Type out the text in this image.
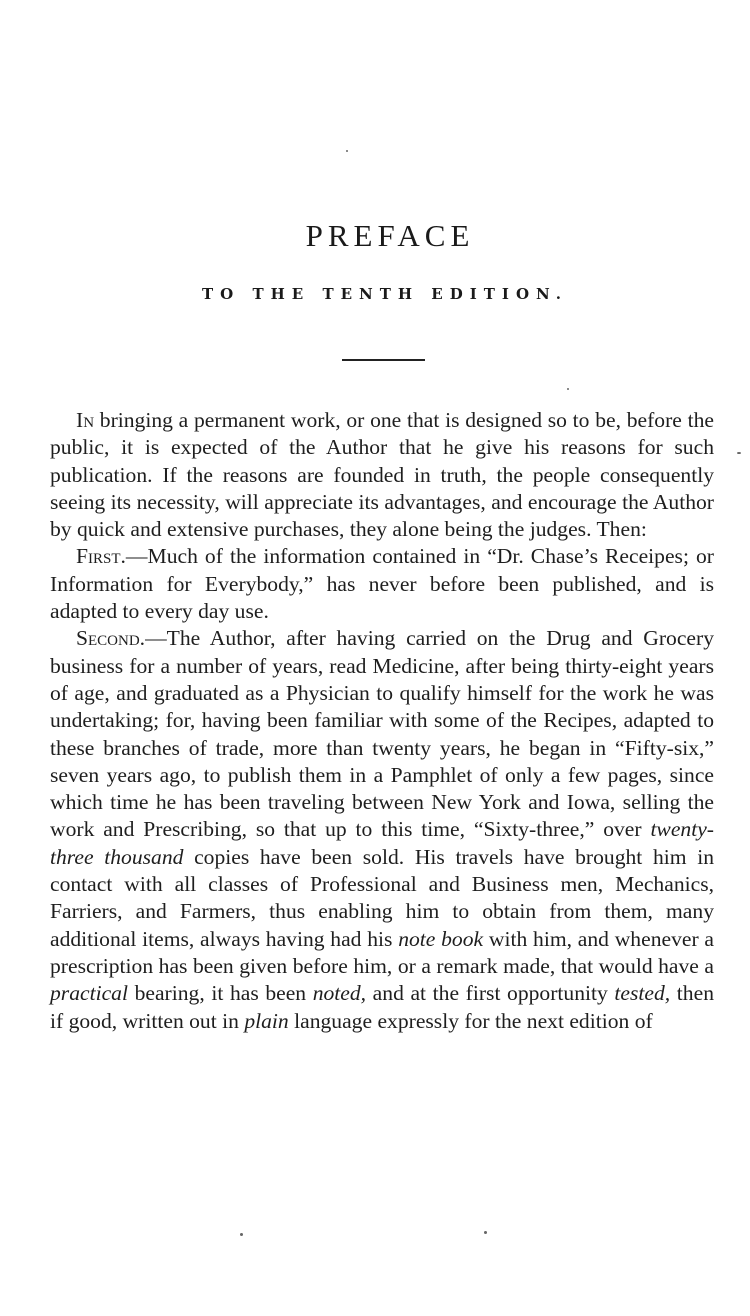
PREFACE
TO THE TENTH EDITION.

In bringing a permanent work, or one that is designed so to be, before the public, it is expected of the Author that he give his reasons for such publication. If the reasons are founded in truth, the people consequently seeing its necessity, will appreciate its advantages, and encourage the Author by quick and extensive purchases, they alone being the judges. Then:

First.—Much of the information contained in “Dr. Chase’s Receipes; or Information for Everybody,” has never before been published, and is adapted to every day use.

Second.—The Author, after having carried on the Drug and Grocery business for a number of years, read Medicine, after being thirty-eight years of age, and graduated as a Physician to qualify himself for the work he was undertaking; for, having been familiar with some of the Recipes, adapted to these branches of trade, more than twenty years, he began in “Fifty-six,” seven years ago, to publish them in a Pamphlet of only a few pages, since which time he has been traveling between New York and Iowa, selling the work and Prescribing, so that up to this time, “Sixty-three,” over twenty-three thousand copies have been sold. His travels have brought him in contact with all classes of Professional and Business men, Mechanics, Farriers, and Farmers, thus enabling him to obtain from them, many additional items, always having had his note book with him, and whenever a prescription has been given before him, or a remark made, that would have a practical bearing, it has been noted, and at the first opportunity tested, then if good, written out in plain language expressly for the next edition of
